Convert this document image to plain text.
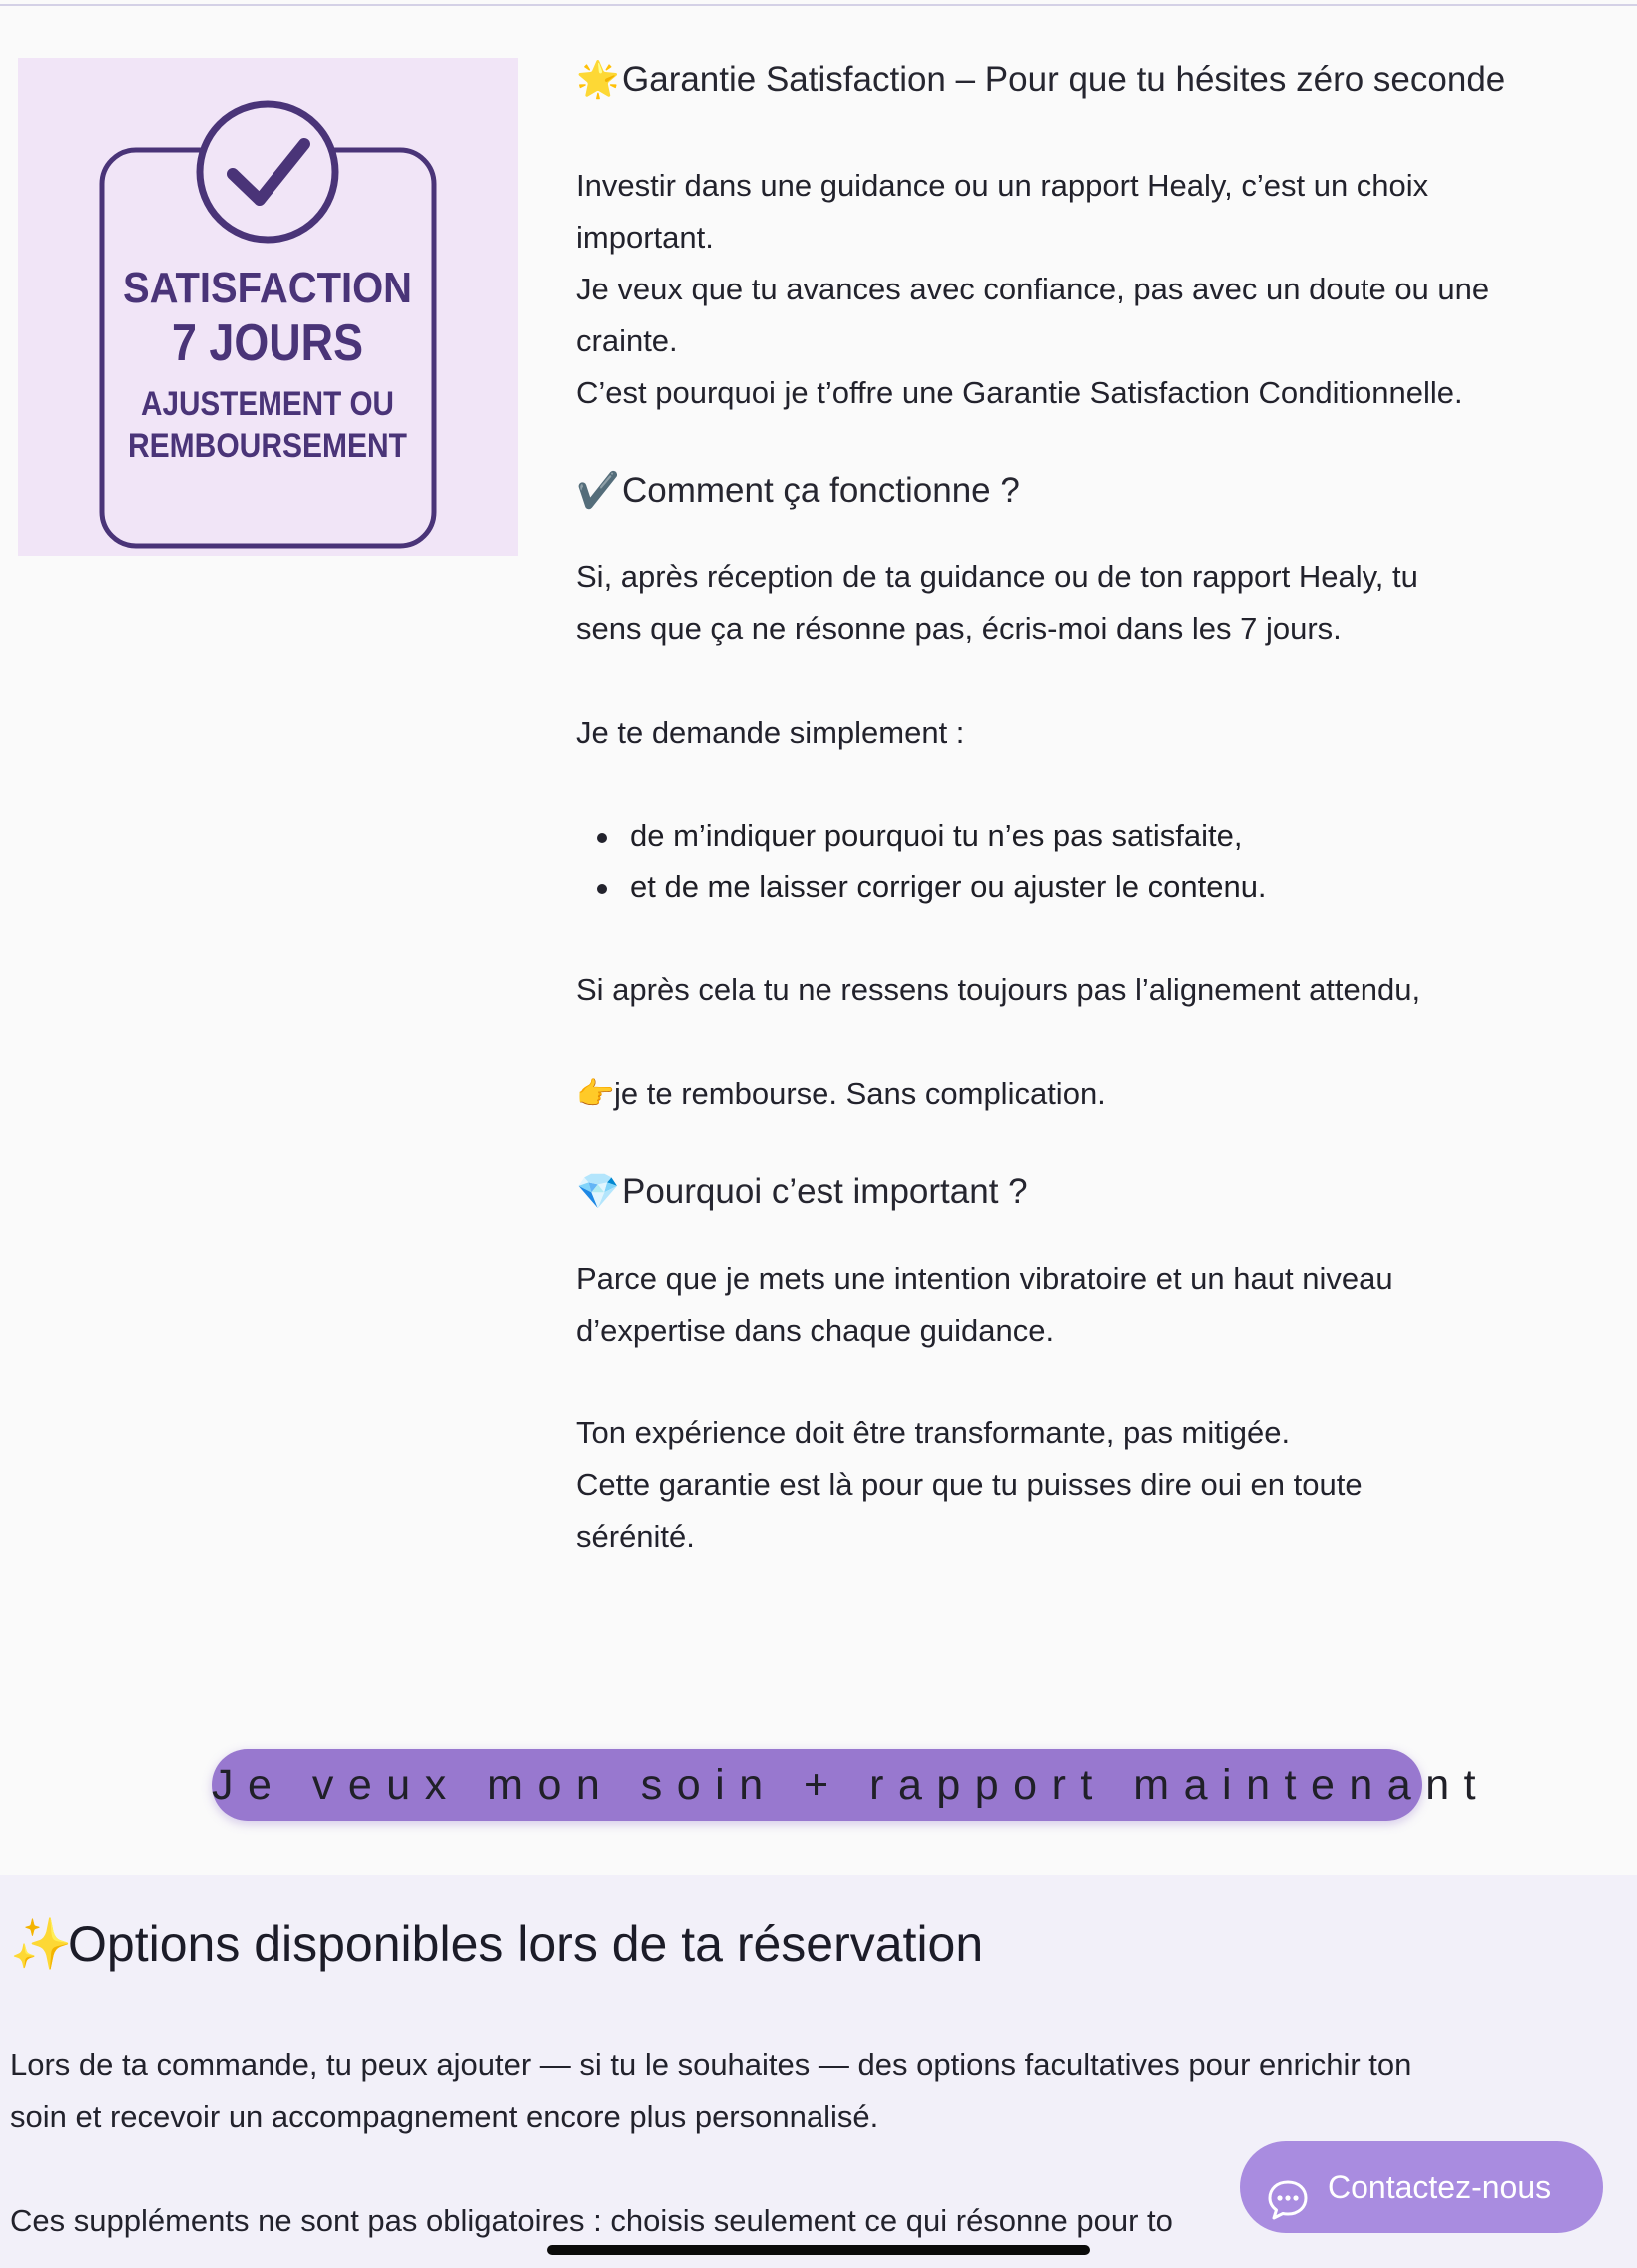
SATISFACTION
7 JOURS
AJUSTEMENT OU
REMBOURSEMENT
🌟Garantie Satisfaction – Pour que tu hésites zéro seconde
Investir dans une guidance ou un rapport Healy, c’est un choix
important.
Je veux que tu avances avec confiance, pas avec un doute ou une
crainte.
C’est pourquoi je t’offre une Garantie Satisfaction Conditionnelle.
✔️Comment ça fonctionne ?
Si, après réception de ta guidance ou de ton rapport Healy, tu
sens que ça ne résonne pas, écris-moi dans les 7 jours.
Je te demande simplement :
de m’indiquer pourquoi tu n’es pas satisfaite,
et de me laisser corriger ou ajuster le contenu.
Si après cela tu ne ressens toujours pas l’alignement attendu,
👉je te rembourse. Sans complication.
💎Pourquoi c’est important ?
Parce que je mets une intention vibratoire et un haut niveau
d’expertise dans chaque guidance.
Ton expérience doit être transformante, pas mitigée.
Cette garantie est là pour que tu puisses dire oui en toute
sérénité.
Je veux mon soin + rapport maintenant
✨Options disponibles lors de ta réservation
Lors de ta commande, tu peux ajouter — si tu le souhaites — des options facultatives pour enrichir ton
soin et recevoir un accompagnement encore plus personnalisé.
Ces suppléments ne sont pas obligatoires : choisis seulement ce qui résonne pour to
Contactez-nous
